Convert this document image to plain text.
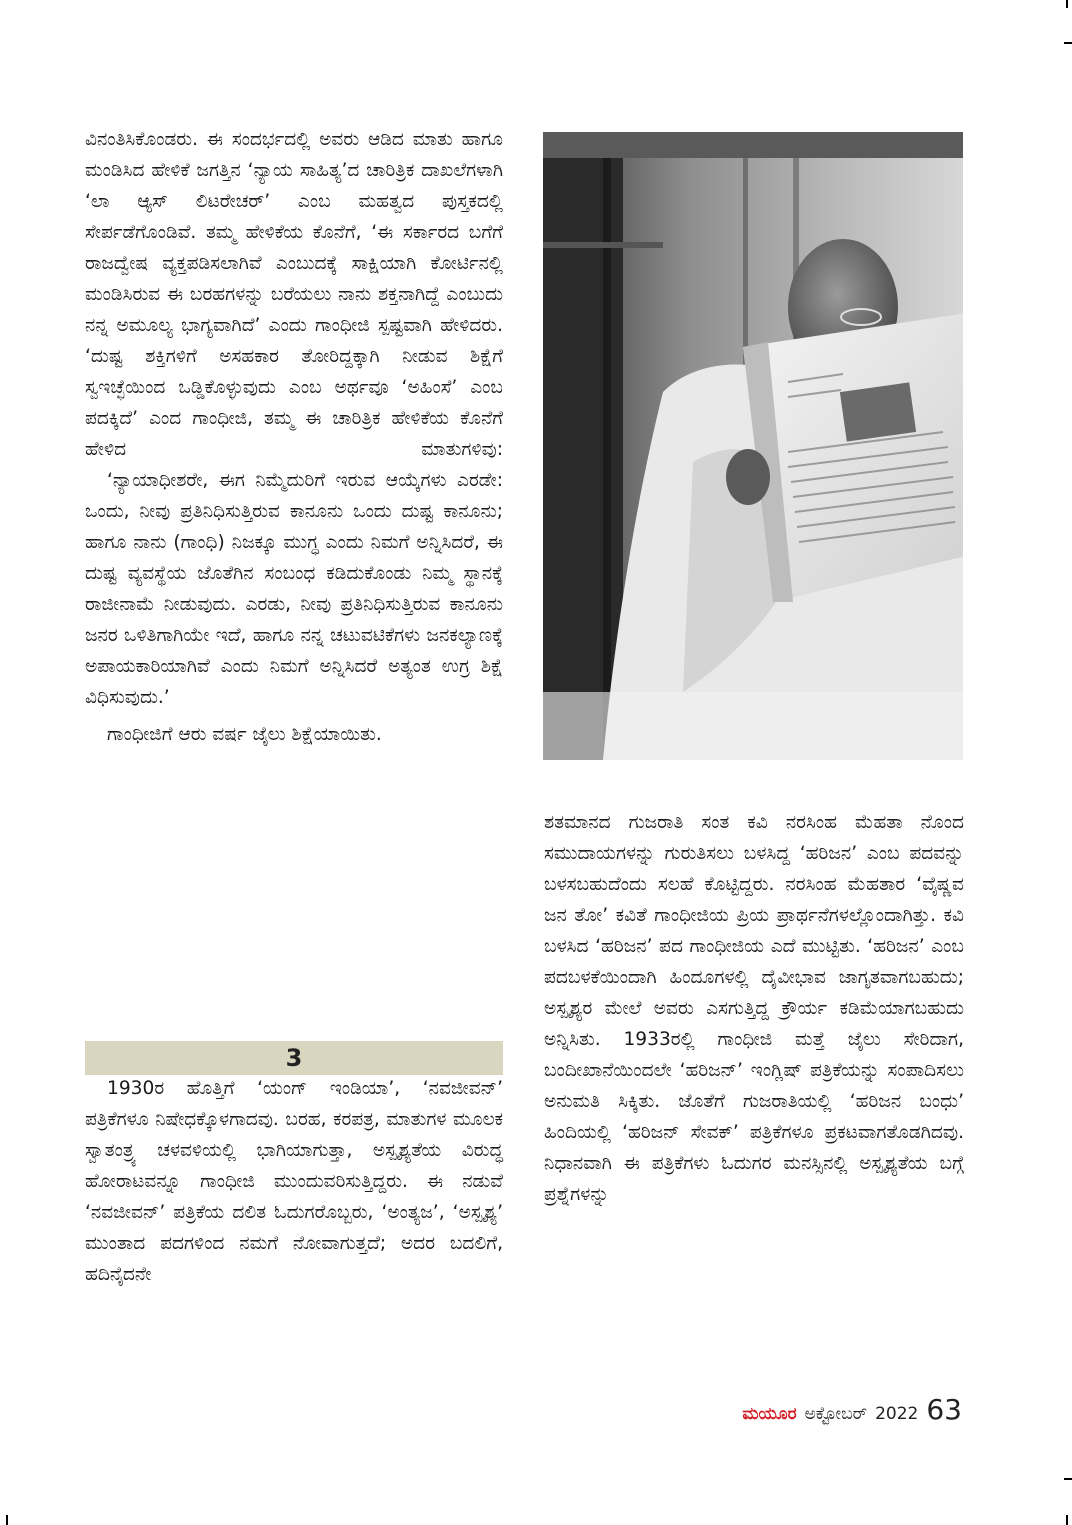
ವಿನಂತಿಸಿಕೊಂಡರು. ಈ ಸಂದರ್ಭದಲ್ಲಿ ಅವರು ಆಡಿದ ಮಾತು ಹಾಗೂ ಮಂಡಿಸಿದ ಹೇಳಿಕೆ ಜಗತ್ತಿನ ‘ನ್ಯಾಯ ಸಾಹಿತ್ಯ’ದ ಚಾರಿತ್ರಿಕ ದಾಖಲೆಗಳಾಗಿ ‘ಲಾ ಆ್ಯಸ್ ಲಿಟರೇಚರ್’ ಎಂಬ ಮಹತ್ವದ ಪುಸ್ತಕದಲ್ಲಿ ಸೇರ್ಪಡೆಗೊಂಡಿವೆ. ತಮ್ಮ ಹೇಳಿಕೆಯ ಕೊನೆಗೆ, ‘ಈ ಸರ್ಕಾರದ ಬಗೆಗೆ ರಾಜದ್ವೇಷ ವ್ಯಕ್ತಪಡಿಸಲಾಗಿವೆ ಎಂಬುದಕ್ಕೆ ಸಾಕ್ಷಿಯಾಗಿ ಕೋರ್ಟಿನಲ್ಲಿ ಮಂಡಿಸಿರುವ ಈ ಬರಹಗಳನ್ನು ಬರೆಯಲು ನಾನು ಶಕ್ತನಾಗಿದ್ದೆ ಎಂಬುದು ನನ್ನ ಅಮೂಲ್ಯ ಭಾಗ್ಯವಾಗಿದೆ’ ಎಂದು ಗಾಂಧೀಜಿ ಸ್ಪಷ್ಟವಾಗಿ ಹೇಳಿದರು. ‘ದುಷ್ಟ ಶಕ್ತಿಗಳಿಗೆ ಅಸಹಕಾರ ತೋರಿದ್ದಕ್ಕಾಗಿ ನೀಡುವ ಶಿಕ್ಷೆಗೆ ಸ್ವಇಚ್ಛೆಯಿಂದ ಒಡ್ಡಿಕೊಳ್ಳುವುದು ಎಂಬ ಅರ್ಥವೂ ‘ಅಹಿಂಸೆ’ ಎಂಬ ಪದಕ್ಕಿದೆ’ ಎಂದ ಗಾಂಧೀಜಿ, ತಮ್ಮ ಈ ಚಾರಿತ್ರಿಕ ಹೇಳಿಕೆಯ ಕೊನೆಗೆ ಹೇಳಿದ ಮಾತುಗಳಿವು:

‘ನ್ಯಾಯಾಧೀಶರೇ, ಈಗ ನಿಮ್ಮೆದುರಿಗೆ ಇರುವ ಆಯ್ಕೆಗಳು ಎರಡೇ: ಒಂದು, ನೀವು ಪ್ರತಿನಿಧಿಸುತ್ತಿರುವ ಕಾನೂನು ಒಂದು ದುಷ್ಟ ಕಾನೂನು; ಹಾಗೂ ನಾನು (ಗಾಂಧಿ) ನಿಜಕ್ಕೂ ಮುಗ್ಧ ಎಂದು ನಿಮಗೆ ಅನ್ನಿಸಿದರೆ, ಈ ದುಷ್ಟ ವ್ಯವಸ್ಥೆಯ ಜೊತೆಗಿನ ಸಂಬಂಧ ಕಡಿದುಕೊಂಡು ನಿಮ್ಮ ಸ್ಥಾನಕ್ಕೆ ರಾಜೀನಾಮೆ ನೀಡುವುದು. ಎರಡು, ನೀವು ಪ್ರತಿನಿಧಿಸುತ್ತಿರುವ ಕಾನೂನು ಜನರ ಒಳಿತಿಗಾಗಿಯೇ ಇದೆ, ಹಾಗೂ ನನ್ನ ಚಟುವಟಿಕೆಗಳು ಜನಕಲ್ಯಾಣಕ್ಕೆ ಅಪಾಯಕಾರಿಯಾಗಿವೆ ಎಂದು ನಿಮಗೆ ಅನ್ನಿಸಿದರೆ ಅತ್ಯಂತ ಉಗ್ರ ಶಿಕ್ಷೆ ವಿಧಿಸುವುದು.’

ಗಾಂಧೀಜಿಗೆ ಆರು ವರ್ಷ ಜೈಲು ಶಿಕ್ಷೆಯಾಯಿತು.

3

1930ರ ಹೊತ್ತಿಗೆ ‘ಯಂಗ್ ಇಂಡಿಯಾ’, ‘ನವಜೀವನ್’ ಪತ್ರಿಕೆಗಳೂ ನಿಷೇಧಕ್ಕೊಳಗಾದವು. ಬರಹ, ಕರಪತ್ರ, ಮಾತುಗಳ ಮೂಲಕ ಸ್ವಾತಂತ್ರ್ಯ ಚಳವಳಿಯಲ್ಲಿ ಭಾಗಿಯಾಗುತ್ತಾ, ಅಸ್ಪೃಶ್ಯತೆಯ ವಿರುದ್ಧ ಹೋರಾಟವನ್ನೂ ಗಾಂಧೀಜಿ ಮುಂದುವರಿಸುತ್ತಿದ್ದರು. ಈ ನಡುವೆ ‘ನವಜೀವನ್’ ಪತ್ರಿಕೆಯ ದಲಿತ ಓದುಗರೊಬ್ಬರು, ‘ಅಂತ್ಯಜ’, ‘ಅಸ್ಪೃಶ್ಯ’ ಮುಂತಾದ ಪದಗಳಿಂದ ನಮಗೆ ನೋವಾಗುತ್ತದೆ; ಅದರ ಬದಲಿಗೆ, ಹದಿನೈದನೇ

ಶತಮಾನದ ಗುಜರಾತಿ ಸಂತ ಕವಿ ನರಸಿಂಹ ಮೆಹತಾ ನೊಂದ ಸಮುದಾಯಗಳನ್ನು ಗುರುತಿಸಲು ಬಳಸಿದ್ದ ‘ಹರಿಜನ’ ಎಂಬ ಪದವನ್ನು ಬಳಸಬಹುದೆಂದು ಸಲಹೆ ಕೊಟ್ಟಿದ್ದರು. ನರಸಿಂಹ ಮೆಹತಾರ ‘ವೈಷ್ಣವ ಜನ ತೋ’ ಕವಿತೆ ಗಾಂಧೀಜಿಯ ಪ್ರಿಯ ಪ್ರಾರ್ಥನೆಗಳಲ್ಲೊಂದಾಗಿತ್ತು. ಕವಿ ಬಳಸಿದ ‘ಹರಿಜನ’ ಪದ ಗಾಂಧೀಜಿಯ ಎದೆ ಮುಟ್ಟಿತು. ‘ಹರಿಜನ’ ಎಂಬ ಪದಬಳಕೆಯಿಂದಾಗಿ ಹಿಂದೂಗಳಲ್ಲಿ ದೈವೀಭಾವ ಜಾಗೃತವಾಗಬಹುದು; ಅಸ್ಪೃಶ್ಯರ ಮೇಲೆ ಅವರು ಎಸಗುತ್ತಿದ್ದ ಕ್ರೌರ್ಯ ಕಡಿಮೆಯಾಗಬಹುದು ಅನ್ನಿಸಿತು. 1933ರಲ್ಲಿ ಗಾಂಧೀಜಿ ಮತ್ತೆ ಜೈಲು ಸೇರಿದಾಗ, ಬಂದೀಖಾನೆಯಿಂದಲೇ ‘ಹರಿಜನ್’ ಇಂಗ್ಲಿಷ್ ಪತ್ರಿಕೆಯನ್ನು ಸಂಪಾದಿಸಲು ಅನುಮತಿ ಸಿಕ್ಕಿತು. ಜೊತೆಗೆ ಗುಜರಾತಿಯಲ್ಲಿ ‘ಹರಿಜನ ಬಂಧು’ ಹಿಂದಿಯಲ್ಲಿ ‘ಹರಿಜನ್ ಸೇವಕ್’ ಪತ್ರಿಕೆಗಳೂ ಪ್ರಕಟವಾಗತೊಡಗಿದವು. ನಿಧಾನವಾಗಿ ಈ ಪತ್ರಿಕೆಗಳು ಓದುಗರ ಮನಸ್ಸಿನಲ್ಲಿ ಅಸ್ಪೃಶ್ಯತೆಯ ಬಗ್ಗೆ ಪ್ರಶ್ನೆಗಳನ್ನು

ಮಯೂರ ಅಕ್ಟೋಬರ್ 2022 63
